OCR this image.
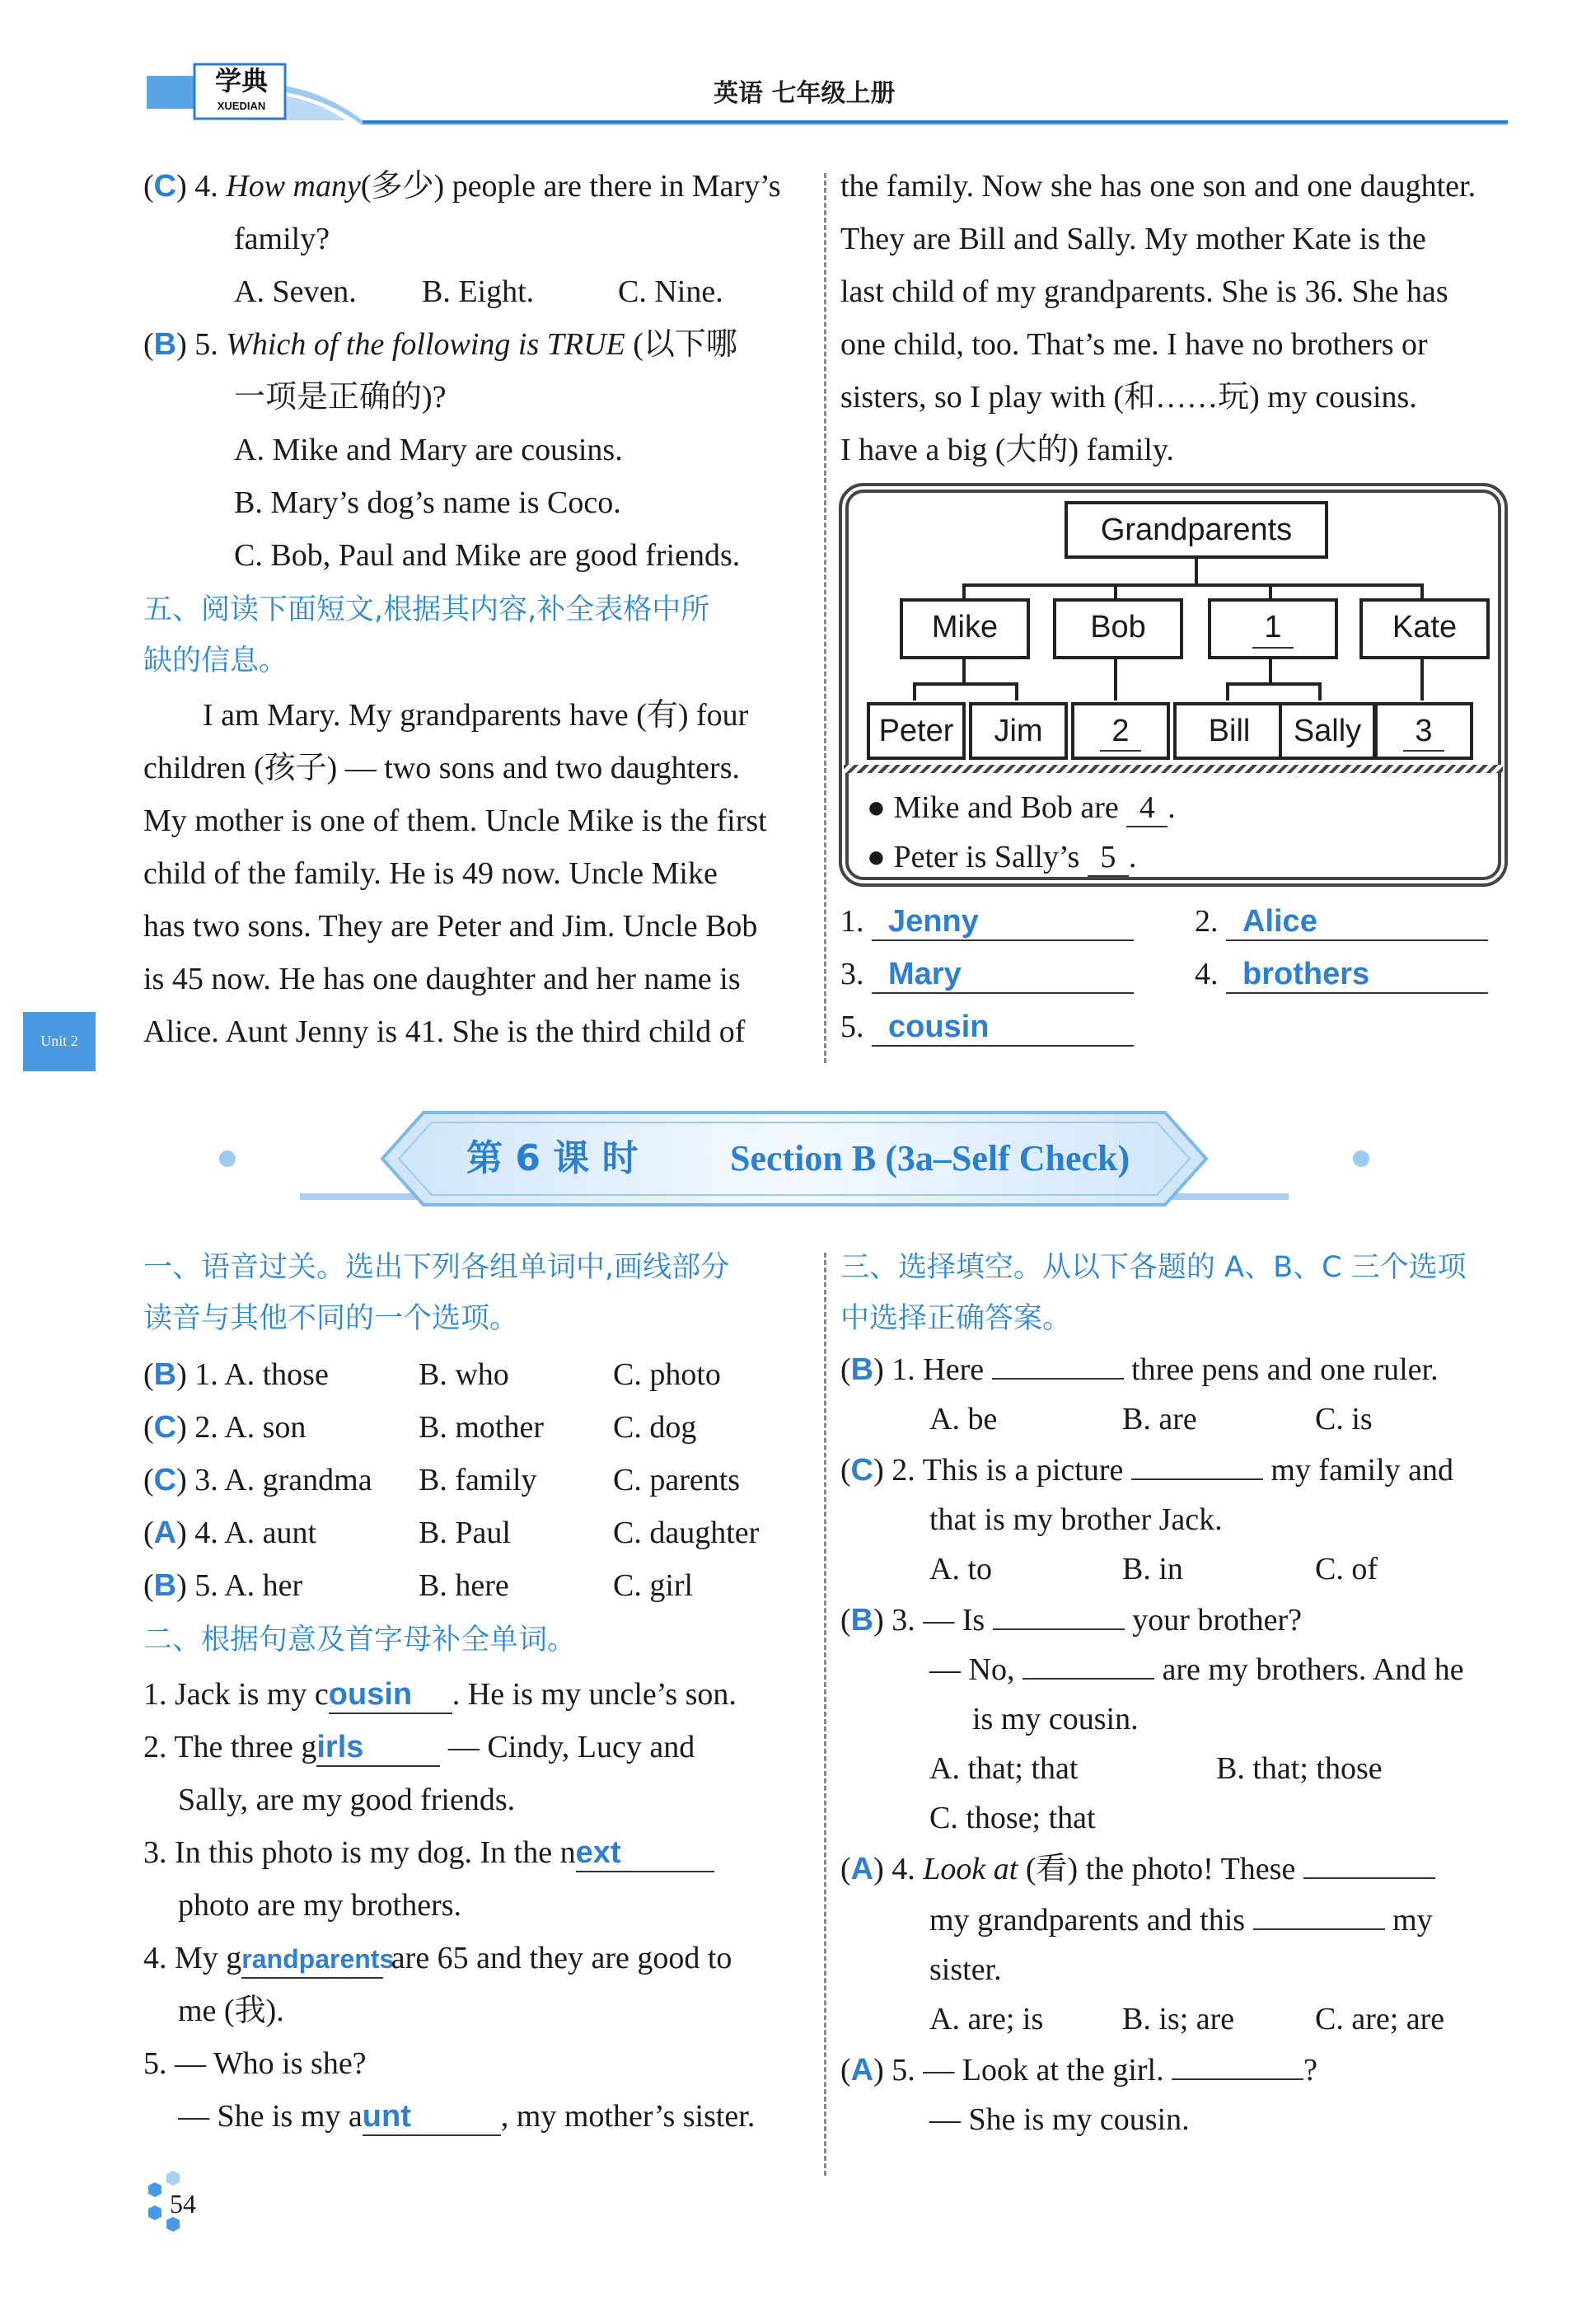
学典
XUEDIAN	英语 七年级上册
Unit 2
(C) 4. How many(多少) people are there in Mary’s
family?
A. Seven. B. Eight.	C. Nine.
(B) 5. Which of the following is TRUE (以下哪
一项是正确的)?
A. Mike and Mary are cousins.
B. Mary’s dog’s name is Coco.
C. Bob, Paul and Mike are good friends.
五、阅读下面短文,根据其内容,补全表格中所
缺的信息。
I am Mary. My grandparents have (有) four
children (孩子) — two sons and two daughters.
My mother is one of them. Uncle Mike is the first
child of the family. He is 49 now. Uncle Mike
has two sons. They are Peter and Jim. Uncle Bob
is 45 now. He has one daughter and her name is
Alice. Aunt Jenny is 41. She is the third child of
the family. Now she has one son and one daughter.
They are Bill and Sally. My mother Kate is the
last child of my grandparents. She is 36. She has
one child, too. That’s me. I have no brothers or
sisters, so I play with (和……玩) my cousins.
I have a big (大的) family.
Grandparents
Mike	Bob	1	Kate
Peter	Jim	2	Bill	Sally	3
● Mike and Bob are 4 .
● Peter is Sally’s 5 .
1. Jenny	2. Alice
3. Mary	4. brothers
5. cousin
第 6 课 时	Section B (3a–Self Check)
一、语音过关。选出下列各组单词中,画线部分
读音与其他不同的一个选项。
(B) 1. A. those	B. who	C. photo
(C) 2. A. son	B. mother C. dog
(C) 3. A. grandma B. family C. parents
(A) 4. A. aunt	B. Paul	C. daughter
(B) 5. A. her	B. here	C. girl
二、根据句意及首字母补全单词。
1. Jack is my cousin . He is my uncle’s son.
2. The three girls	— Cindy, Lucy and
Sally, are my good friends.
3. In this photo is my dog. In the next
photo are my brothers.
4. My grandparents are 65 and they are good to
me (我).
5. — Who is she?
— She is my aunt	, my mother’s sister.
三、选择填空。从以下各题的 A、B、C 三个选项
中选择正确答案。
(B) 1. Here	three pens and one ruler.
A. be	B. are	C. is
(C) 2. This is a picture	my family and
that is my brother Jack.
A. to	B. in	C. of
(B) 3. — Is	your brother?
— No,	are my brothers. And he
is my cousin.
A. that; that	B. that; those
C. those; that
(A) 4. Look at (看) the photo! These
my grandparents and this	my
sister.
A. are; is	B. is; are	C. are; are
(A) 5. — Look at the girl.	?
— She is my cousin.
54
